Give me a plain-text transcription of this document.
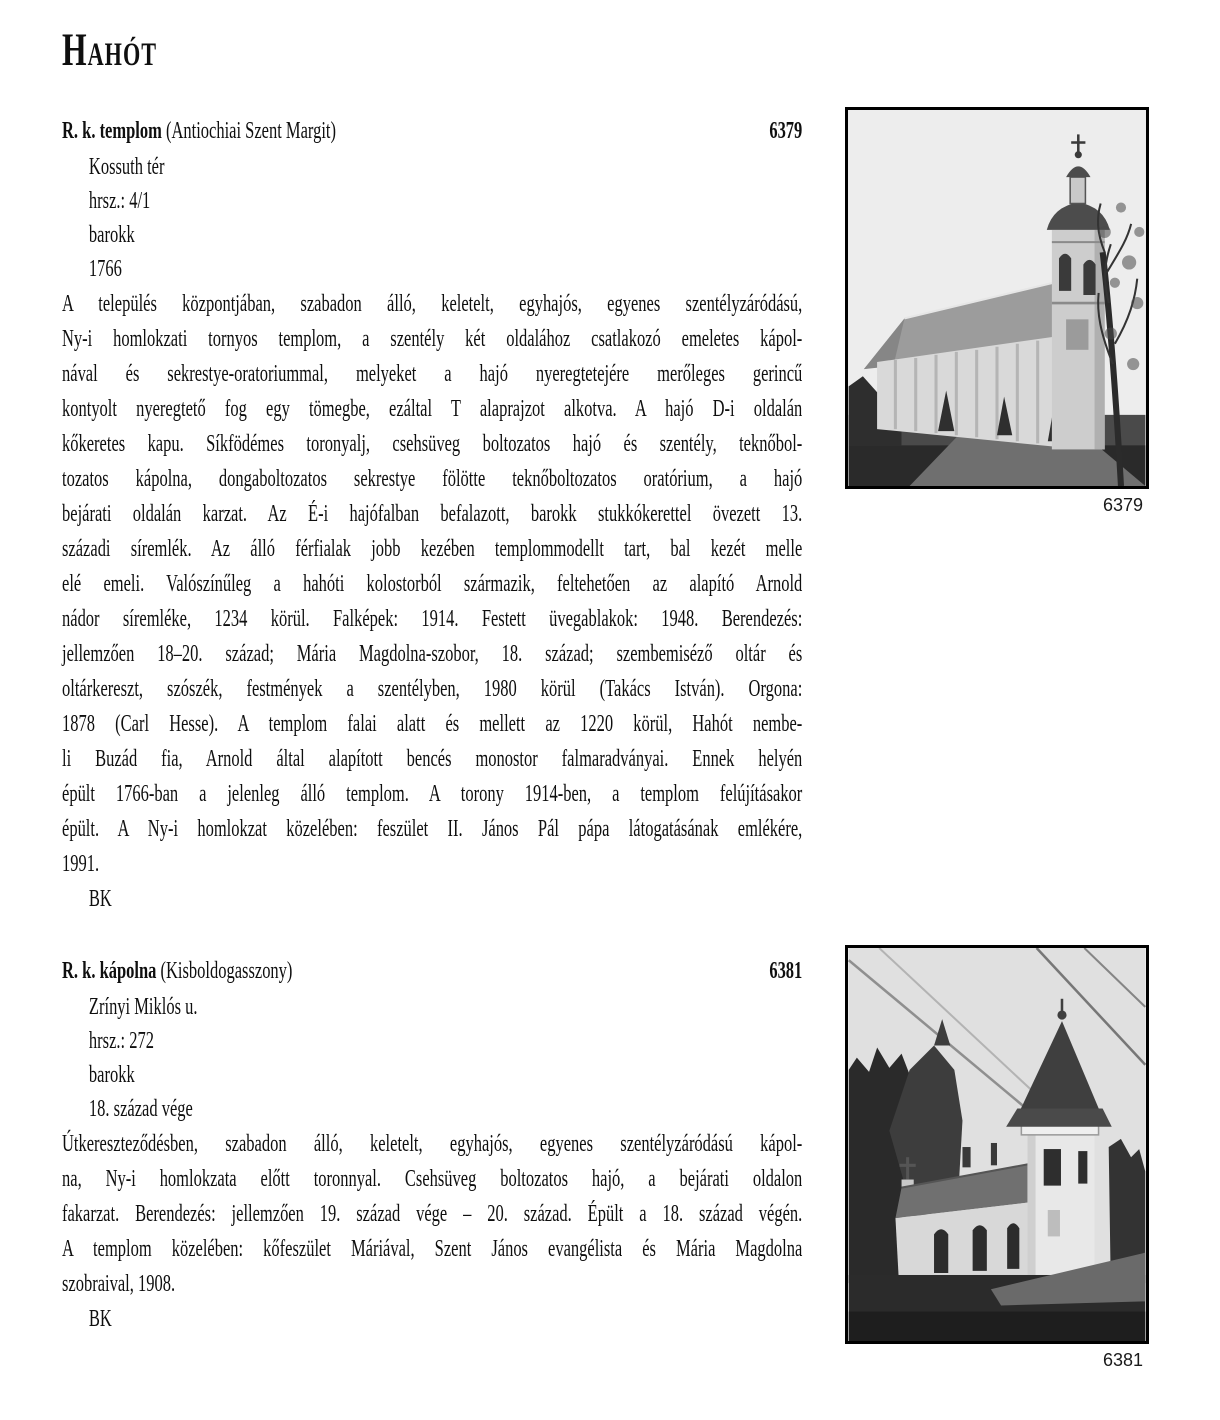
Hahót
R. k. templom (Antiochiai Szent Margit)	6379
Kossuth tér
hrsz.: 4/1
barokk
1766
A település központjában, szabadon álló, keletelt, egyhajós, egyenes szentélyzáródású,
Ny-i homlokzati tornyos templom, a szentély két oldalához csatlakozó emeletes kápol-
nával és sekrestye-oratoriummal, melyeket a hajó nyeregtetejére merőleges gerincű
kontyolt nyeregtető fog egy tömegbe, ezáltal T alaprajzot alkotva. A hajó D-i oldalán
kőkeretes kapu. Síkfödémes toronyalj, csehsüveg boltozatos hajó és szentély, teknőbol-
tozatos kápolna, dongaboltozatos sekrestye fölötte teknőboltozatos oratórium, a hajó
bejárati oldalán karzat. Az É-i hajófalban befalazott, barokk stukkókerettel övezett 13.
századi síremlék. Az álló férfialak jobb kezében templommodellt tart, bal kezét melle
elé emeli. Valószínűleg a hahóti kolostorból származik, feltehetően az alapító Arnold
nádor síremléke, 1234 körül. Falképek: 1914. Festett üvegablakok: 1948. Berendezés:
jellemzően 18–20. század; Mária Magdolna-szobor, 18. század; szembemiséző oltár és
oltárkereszt, szószék, festmények a szentélyben, 1980 körül (Takács István). Orgona:
1878 (Carl Hesse). A templom falai alatt és mellett az 1220 körül, Hahót nembe-
li Buzád fia, Arnold által alapított bencés monostor falmaradványai. Ennek helyén
épült 1766-ban a jelenleg álló templom. A torony 1914-ben, a templom felújításakor
épült. A Ny-i homlokzat közelében: feszület II. János Pál pápa látogatásának emlékére,
1991.
BK
R. k. kápolna (Kisboldogasszony)	6381
Zrínyi Miklós u.
hrsz.: 272
barokk
18. század vége
Útkereszteződésben, szabadon álló, keletelt, egyhajós, egyenes szentélyzáródású kápol-
na, Ny-i homlokzata előtt toronnyal. Csehsüveg boltozatos hajó, a bejárati oldalon
fakarzat. Berendezés: jellemzően 19. század vége – 20. század. Épült a 18. század végén.
A templom közelében: kőfeszület Máriával, Szent János evangélista és Mária Magdolna
szobraival, 1908.
BK
6379
6381
